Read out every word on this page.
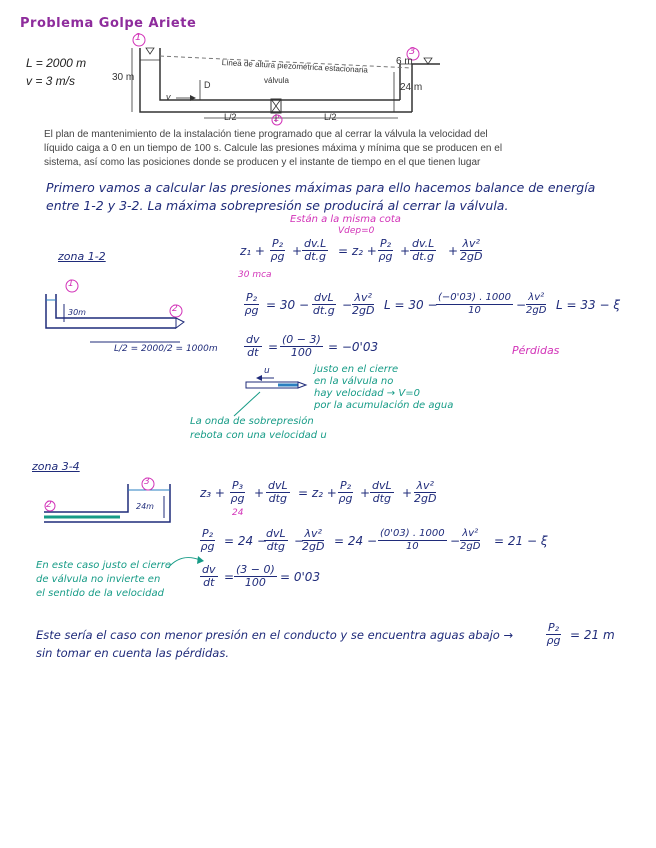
Problema Golpe Ariete
L = 2000 m
v = 3 m/s
1
3
2
30 m
24 m
6 m
D
v
Línea de altura piezométrica estacionaria
válvula
L/2	L/2
El plan de mantenimiento de la instalación tiene programado que al cerrar la válvula la velocidad del líquido caiga a 0 en un tiempo de 100 s. Calcule las presiones máxima y mínima que se producen en el sistema, así como las posiciones donde se producen y el instante de tiempo en el que tienen lugar
Primero vamos a calcular las presiones máximas para ello hacemos balance de energía
entre 1-2 y 3-2. La máxima sobrepresión se producirá al cerrar la válvula.
zona 1-2
Están a la misma cota
Vdep=0
30 mca
$z_1 + \frac{\text{P₂}}{\rho g} + \frac{dv.L}{dt.g} = z_2 + \frac{\text{P₂}}{\rho g} + \frac{dv.L}{dt.g} + \frac{\text{λv²}}{2gD}$
1
2
30m
L/2 = 2000/2 = 1000m
$\frac{\text{P₂}}{\rho g} = 30$ −
dvL
$dt.g - \frac{\text{λv²}}{2gD}$ L = 30 −
$\frac{(-0'03) . 1000}{10} - \frac{\text{λv²}}{2gD}$ L = 33 − ξ
Pérdidas
$\frac{dv}{dt} = \frac{(0 - 3)}{100} = -0'03$
justo en el cierre
en la válvula no
hay velocidad → V=0
por la acumulación de agua
u
La onda de sobrepresión
rebota con una velocidad u
zona 3-4
2
3
24m
$z_3 + \frac{\text{P₃}}{\rho g}$
24
+
dvL
dtg = $z_2 + \frac{\text{P₂}}{\rho g}$ +
dvL
dtg + $\frac{\text{λv²}}{2gD}$
$\frac{\text{P₂}}{\rho g} = 24$ −
dvL
dtg −
$\frac{\text{λv²}}{2gD} = 24 - \frac{(0'03) . 1000}{10} - \frac{\text{λv²}}{2gD} = 21 - \xi$
$\frac{dv}{dt} = \frac{(3 - 0)}{100} = 0'03$
En este caso justo el cierre
de válvula no invierte en
el sentido de la velocidad
Este sería el caso con menor presión en el conducto y se encuentra aguas abajo →	$\frac{\text{P₂}}{\rho g} = 21$ m
sin tomar en cuenta las pérdidas.
